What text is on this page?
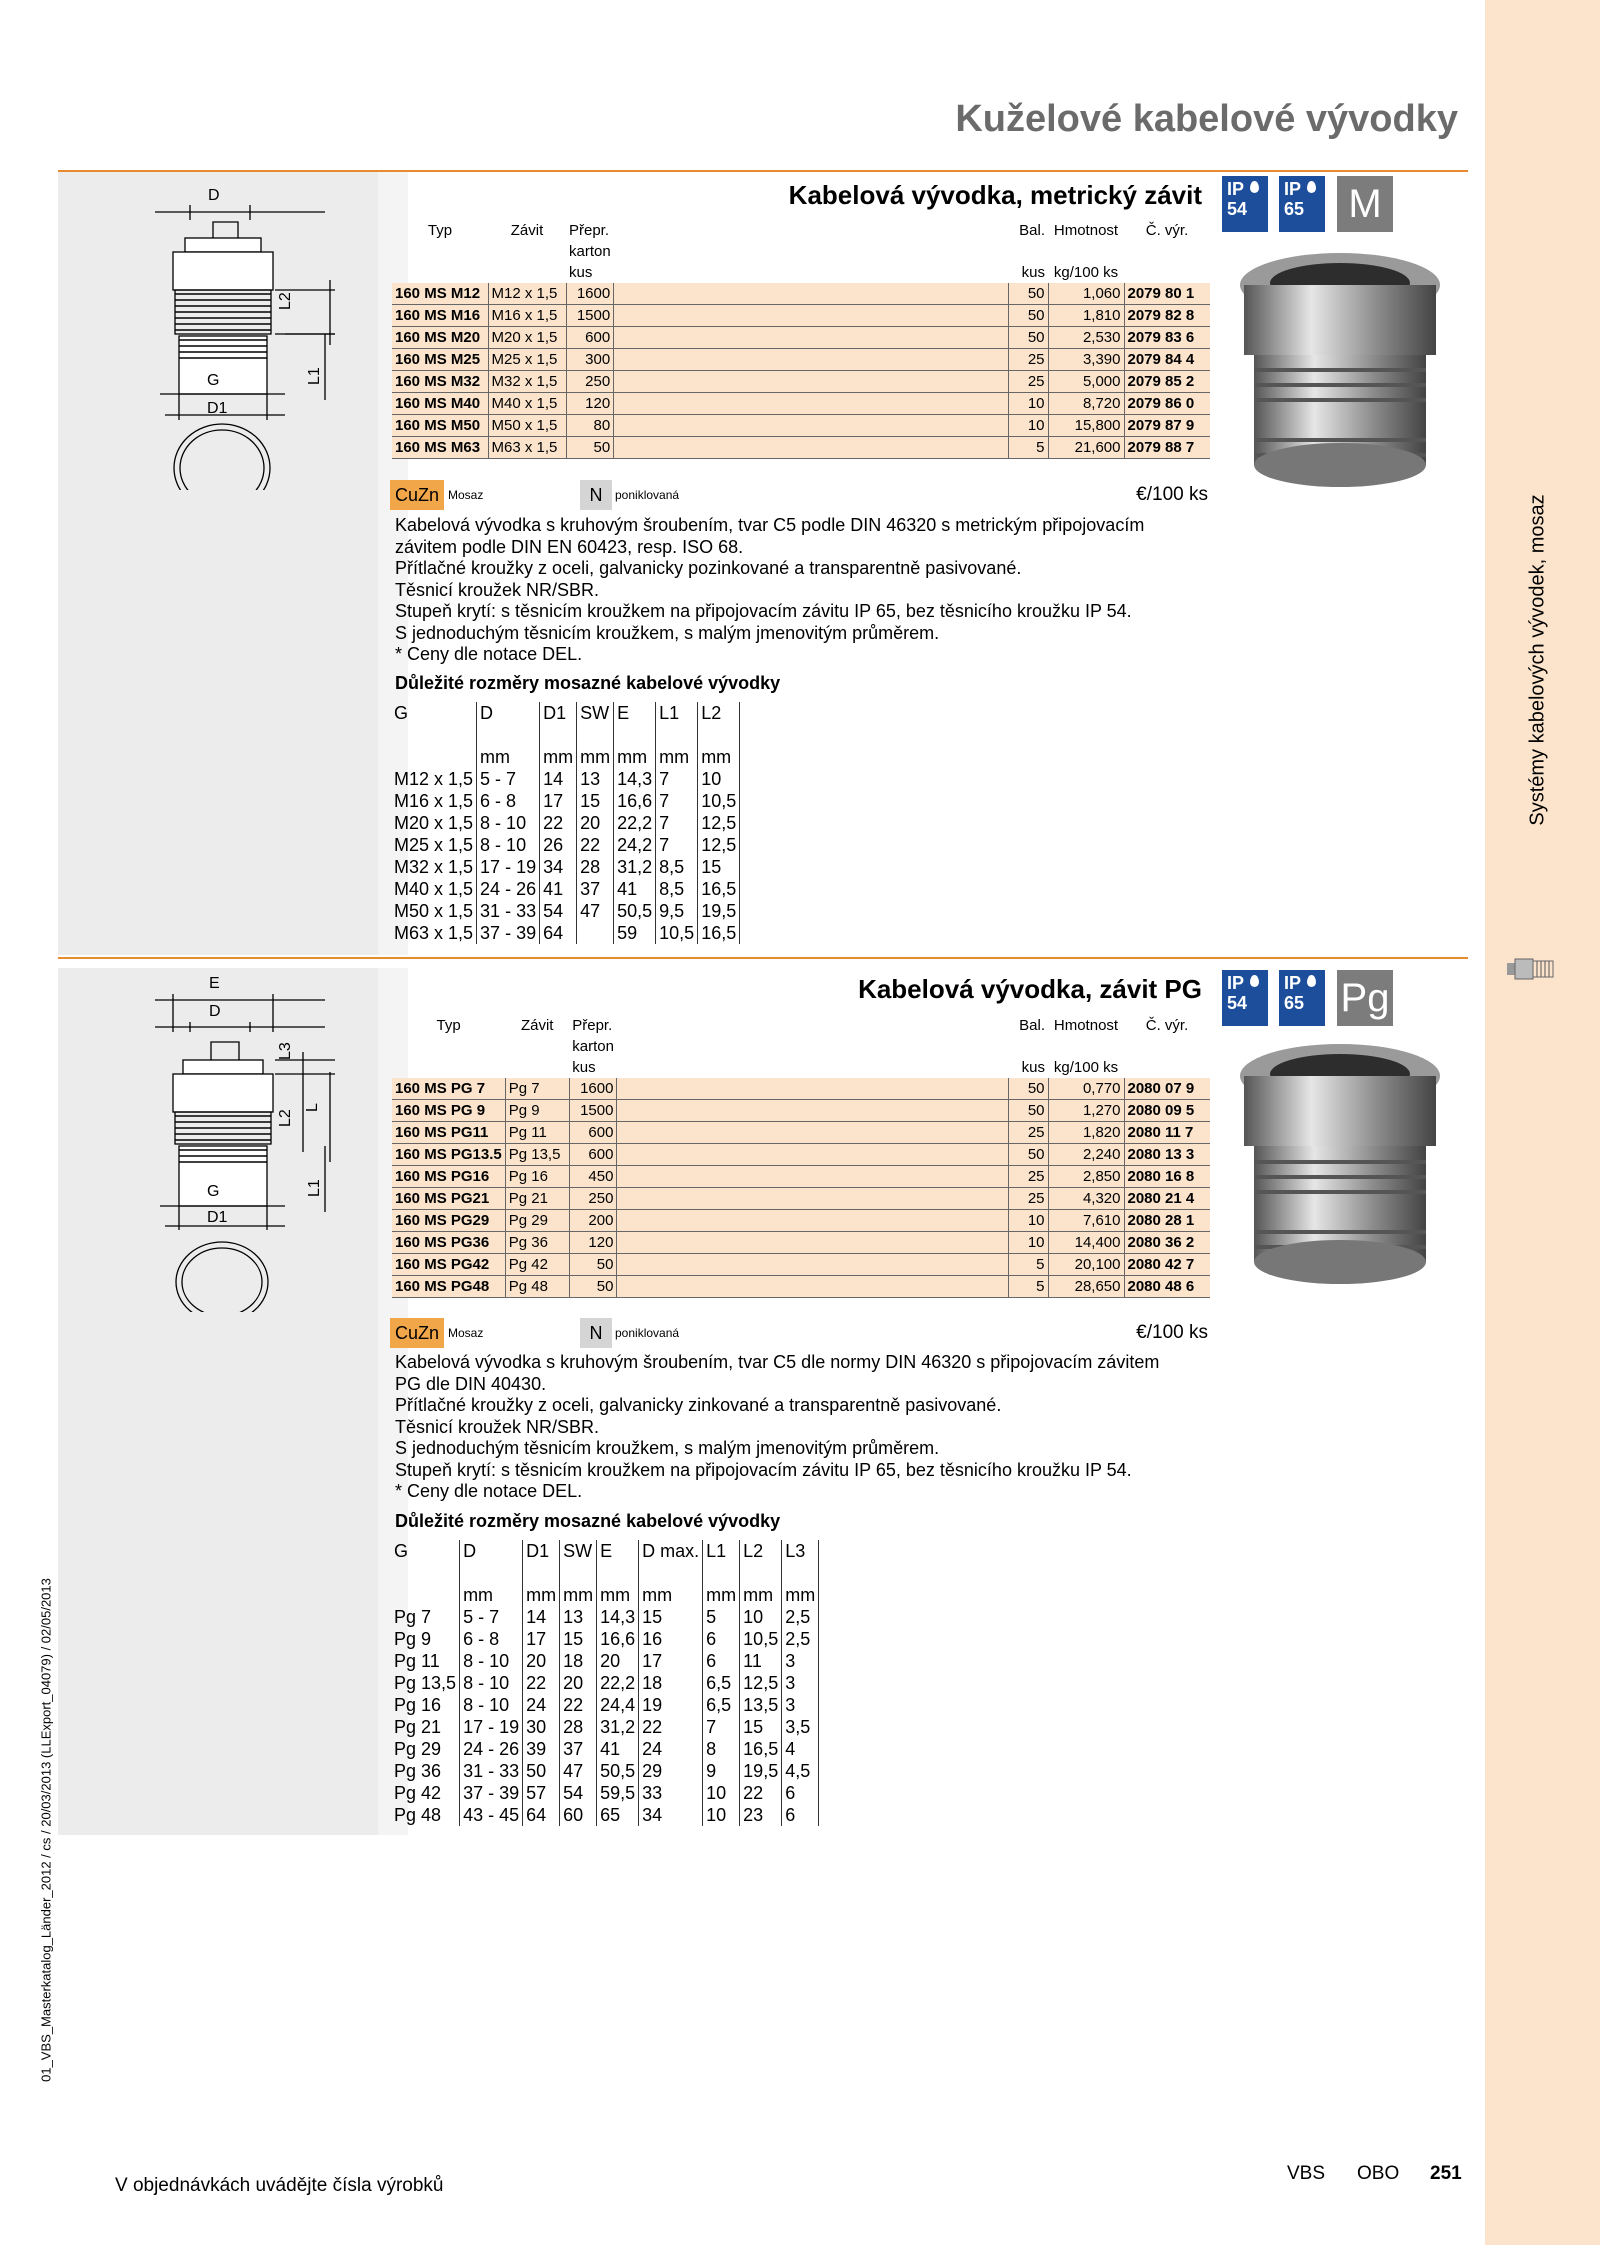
Systémy kabelových vývodek, mosaz
Kuželové kabelové vývodky
D
G
D1
L2
L1
Kabelová vývodka, metrický závit IP
54
IP
65	M
Typ	Závit	Přepr.
karton
kus		Bal.

kus	Hmotnost

kg/100 ks	Č. výr.
160 MS M12	M12 x 1,5	1600		50	1,060	2079 80 1
160 MS M16	M16 x 1,5	1500		50	1,810	2079 82 8
160 MS M20	M20 x 1,5	600		50	2,530	2079 83 6
160 MS M25	M25 x 1,5	300		25	3,390	2079 84 4
160 MS M32	M32 x 1,5	250		25	5,000	2079 85 2
160 MS M40	M40 x 1,5	120		10	8,720	2079 86 0
160 MS M50	M50 x 1,5	80		10	15,800	2079 87 9
160 MS M63	M63 x 1,5	50		5	21,600	2079 88 7
CuZn Mosaz	N	poniklovaná	€/100 ks
Kabelová vývodka s kruhovým šroubením, tvar C5 podle DIN 46320 s metrickým připojovacím
závitem podle DIN EN 60423, resp. ISO 68.
Přítlačné kroužky z oceli, galvanicky pozinkované a transparentně pasivované.
Těsnicí kroužek NR/SBR.
Stupeň krytí: s těsnicím kroužkem na připojovacím závitu IP 65, bez těsnicího kroužku IP 54.
S jednoduchým těsnicím kroužkem, s malým jmenovitým průměrem.
* Ceny dle notace DEL.
Důležité rozměry mosazné kabelové vývodky
G	D	D1	SW	E	L1	L2
	mm	mm	mm	mm	mm	mm
M12 x 1,5	5 - 7	14	13	14,3	7	10
M16 x 1,5	6 - 8	17	15	16,6	7	10,5
M20 x 1,5	8 - 10	22	20	22,2	7	12,5
M25 x 1,5	8 - 10	26	22	24,2	7	12,5
M32 x 1,5	17 - 19	34	28	31,2	8,5	15
M40 x 1,5	24 - 26	41	37	41	8,5	16,5
M50 x 1,5	31 - 33	54	47	50,5	9,5	19,5
M63 x 1,5	37 - 39	64		59	10,5	16,5
E
D
G
D1
L3
L2
L
L1
Kabelová vývodka, závit PG IP
54
IP
65 Pg
Typ	Závit	Přepr.
karton
kus		Bal.

kus	Hmotnost

kg/100 ks	Č. výr.
160 MS PG 7	Pg 7	1600		50	0,770	2080 07 9
160 MS PG 9	Pg 9	1500		50	1,270	2080 09 5
160 MS PG11	Pg 11	600		25	1,820	2080 11 7
160 MS PG13.5	Pg 13,5	600		50	2,240	2080 13 3
160 MS PG16	Pg 16	450		25	2,850	2080 16 8
160 MS PG21	Pg 21	250		25	4,320	2080 21 4
160 MS PG29	Pg 29	200		10	7,610	2080 28 1
160 MS PG36	Pg 36	120		10	14,400	2080 36 2
160 MS PG42	Pg 42	50		5	20,100	2080 42 7
160 MS PG48	Pg 48	50		5	28,650	2080 48 6
CuZn Mosaz	N	poniklovaná	€/100 ks
Kabelová vývodka s kruhovým šroubením, tvar C5 dle normy DIN 46320 s připojovacím závitem
PG dle DIN 40430.
Přítlačné kroužky z oceli, galvanicky zinkované a transparentně pasivované.
Těsnicí kroužek NR/SBR.
S jednoduchým těsnicím kroužkem, s malým jmenovitým průměrem.
Stupeň krytí: s těsnicím kroužkem na připojovacím závitu IP 65, bez těsnicího kroužku IP 54.
* Ceny dle notace DEL.
Důležité rozměry mosazné kabelové vývodky
G	D	D1	SW	E	D max.	L1	L2	L3
	mm	mm	mm	mm	mm	mm	mm	mm
Pg 7	5 - 7	14	13	14,3	15	5	10	2,5
Pg 9	6 - 8	17	15	16,6	16	6	10,5	2,5
Pg 11	8 - 10	20	18	20	17	6	11	3
Pg 13,5	8 - 10	22	20	22,2	18	6,5	12,5	3
Pg 16	8 - 10	24	22	24,4	19	6,5	13,5	3
Pg 21	17 - 19	30	28	31,2	22	7	15	3,5
Pg 29	24 - 26	39	37	41	24	8	16,5	4
Pg 36	31 - 33	50	47	50,5	29	9	19,5	4,5
Pg 42	37 - 39	57	54	59,5	33	10	22	6
Pg 48	43 - 45	64	60	65	34	10	23	6
01_VBS_Masterkatalog_Länder_2012 / cs / 20/03/2013 (LLExport_04079) / 02/05/2013
V objednávkách uvádějte čísla výrobků
VBS OBO 251
